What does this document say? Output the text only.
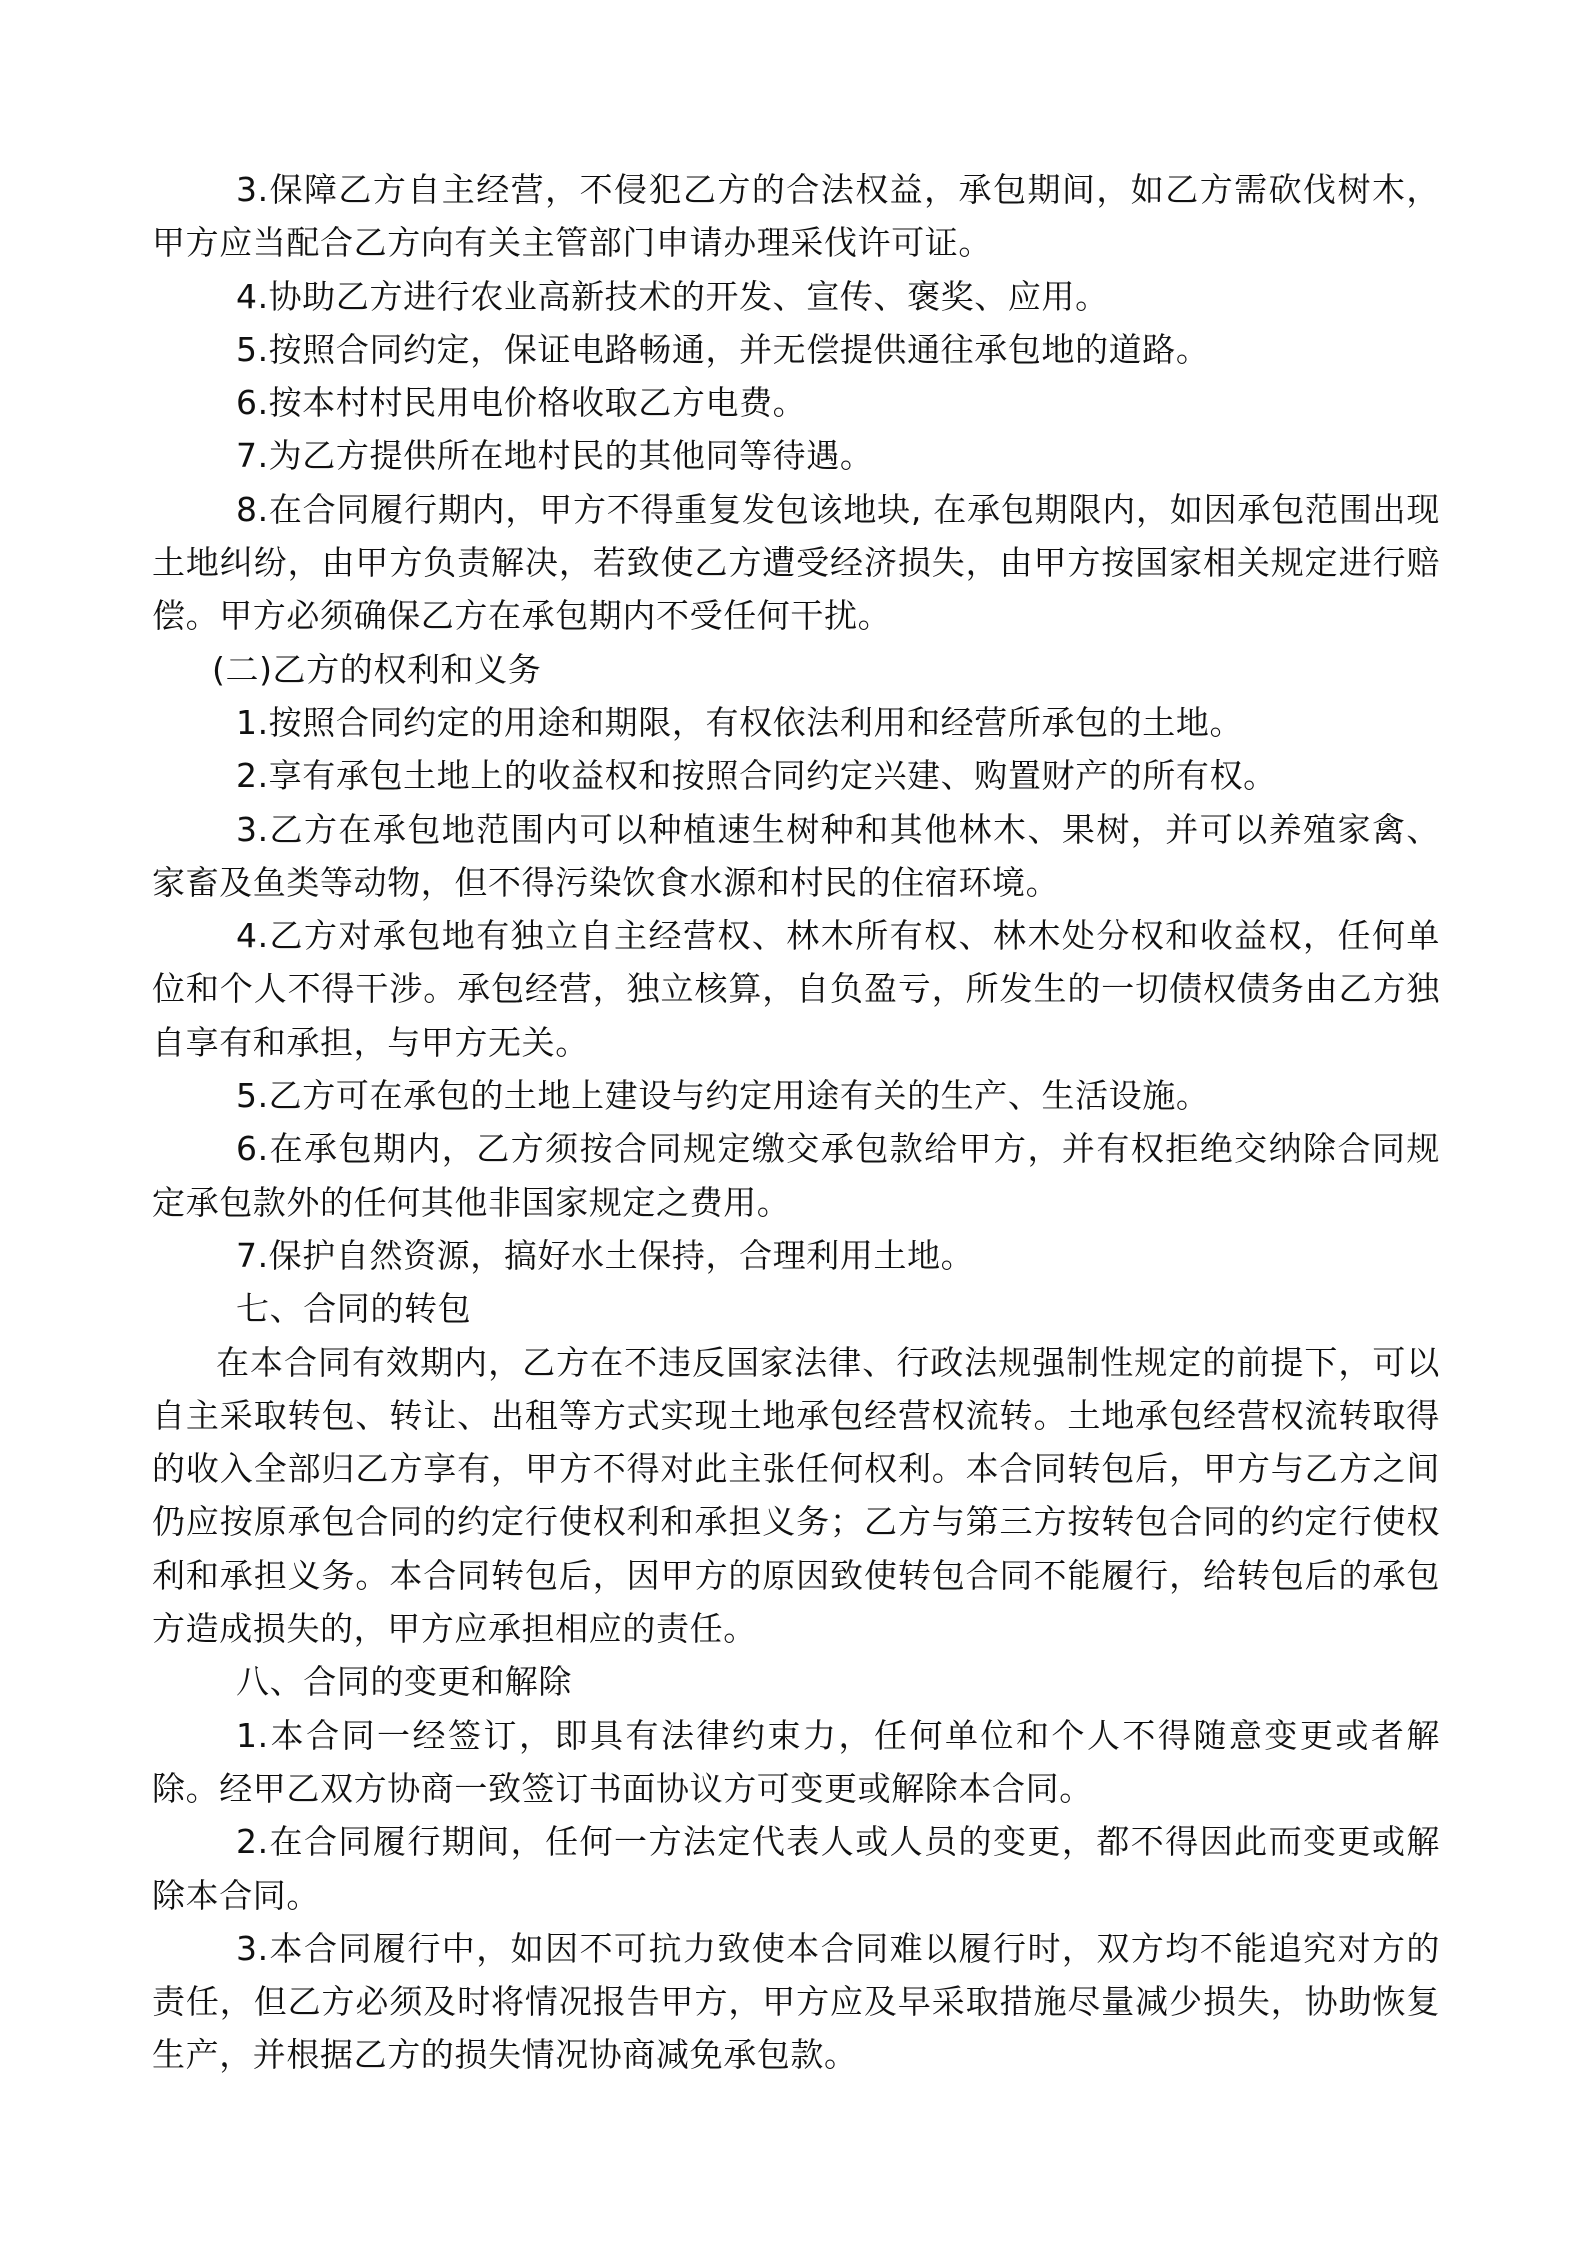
3.保障乙方自主经营，不侵犯乙方的合法权益，承包期间，如乙方需砍伐树木，甲方应当配合乙方向有关主管部门申请办理采伐许可证。

4.协助乙方进行农业高新技术的开发、宣传、褒奖、应用。

5.按照合同约定，保证电路畅通，并无偿提供通往承包地的道路。

6.按本村村民用电价格收取乙方电费。

7.为乙方提供所在地村民的其他同等待遇。

8.在合同履行期内，甲方不得重复发包该地块, 在承包期限内，如因承包范围出现土地纠纷，由甲方负责解决，若致使乙方遭受经济损失，由甲方按国家相关规定进行赔偿。甲方必须确保乙方在承包期内不受任何干扰。

(二)乙方的权利和义务

1.按照合同约定的用途和期限，有权依法利用和经营所承包的土地。

2.享有承包土地上的收益权和按照合同约定兴建、购置财产的所有权。

3.乙方在承包地范围内可以种植速生树种和其他林木、果树，并可以养殖家禽、家畜及鱼类等动物，但不得污染饮食水源和村民的住宿环境。

4.乙方对承包地有独立自主经营权、林木所有权、林木处分权和收益权，任何单位和个人不得干涉。承包经营，独立核算，自负盈亏，所发生的一切债权债务由乙方独自享有和承担，与甲方无关。

5.乙方可在承包的土地上建设与约定用途有关的生产、生活设施。

6.在承包期内，乙方须按合同规定缴交承包款给甲方，并有权拒绝交纳除合同规定承包款外的任何其他非国家规定之费用。

7.保护自然资源，搞好水土保持，合理利用土地。

七、合同的转包

在本合同有效期内，乙方在不违反国家法律、行政法规强制性规定的前提下，可以自主采取转包、转让、出租等方式实现土地承包经营权流转。土地承包经营权流转取得的收入全部归乙方享有，甲方不得对此主张任何权利。本合同转包后，甲方与乙方之间仍应按原承包合同的约定行使权利和承担义务；乙方与第三方按转包合同的约定行使权利和承担义务。本合同转包后，因甲方的原因致使转包合同不能履行，给转包后的承包方造成损失的，甲方应承担相应的责任。

八、合同的变更和解除

1.本合同一经签订，即具有法律约束力，任何单位和个人不得随意变更或者解除。经甲乙双方协商一致签订书面协议方可变更或解除本合同。

2.在合同履行期间，任何一方法定代表人或人员的变更，都不得因此而变更或解除本合同。

3.本合同履行中，如因不可抗力致使本合同难以履行时，双方均不能追究对方的责任，但乙方必须及时将情况报告甲方，甲方应及早采取措施尽量减少损失，协助恢复生产，并根据乙方的损失情况协商减免承包款。
